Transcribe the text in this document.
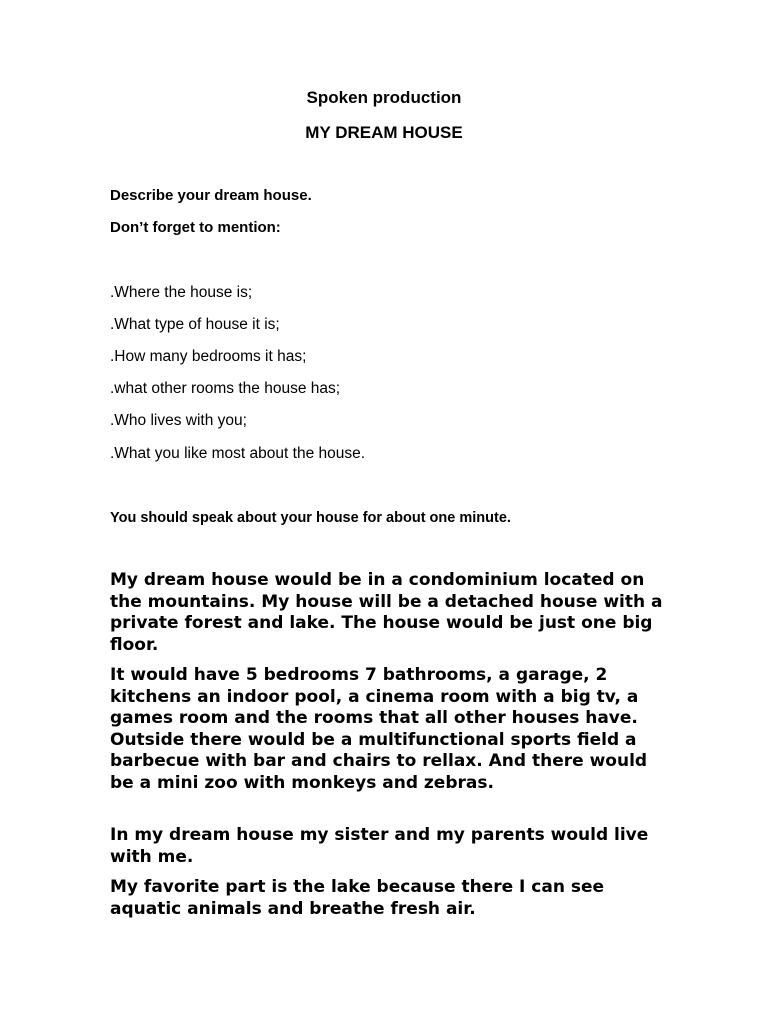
Spoken production

MY DREAM HOUSE

Describe your dream house.

Don’t forget to mention:

.Where the house is;

.What type of house it is;

.How many bedrooms it has;

.what other rooms the house has;

.Who lives with you;

.What you like most about the house.

You should speak about your house for about one minute.

My dream house would be in a condominium located on the mountains. My house will be a detached house with a private forest and lake. The house would be just one big floor.

It would have 5 bedrooms 7 bathrooms, a garage, 2 kitchens an indoor pool, a cinema room with a big tv, a games room and the rooms that all other houses have. Outside there would be a multifunctional sports field a barbecue with bar and chairs to rellax. And there would be a mini zoo with monkeys and zebras.

In my dream house my sister and my parents would live with me.

My favorite part is the lake because there I can see aquatic animals and breathe fresh air.
